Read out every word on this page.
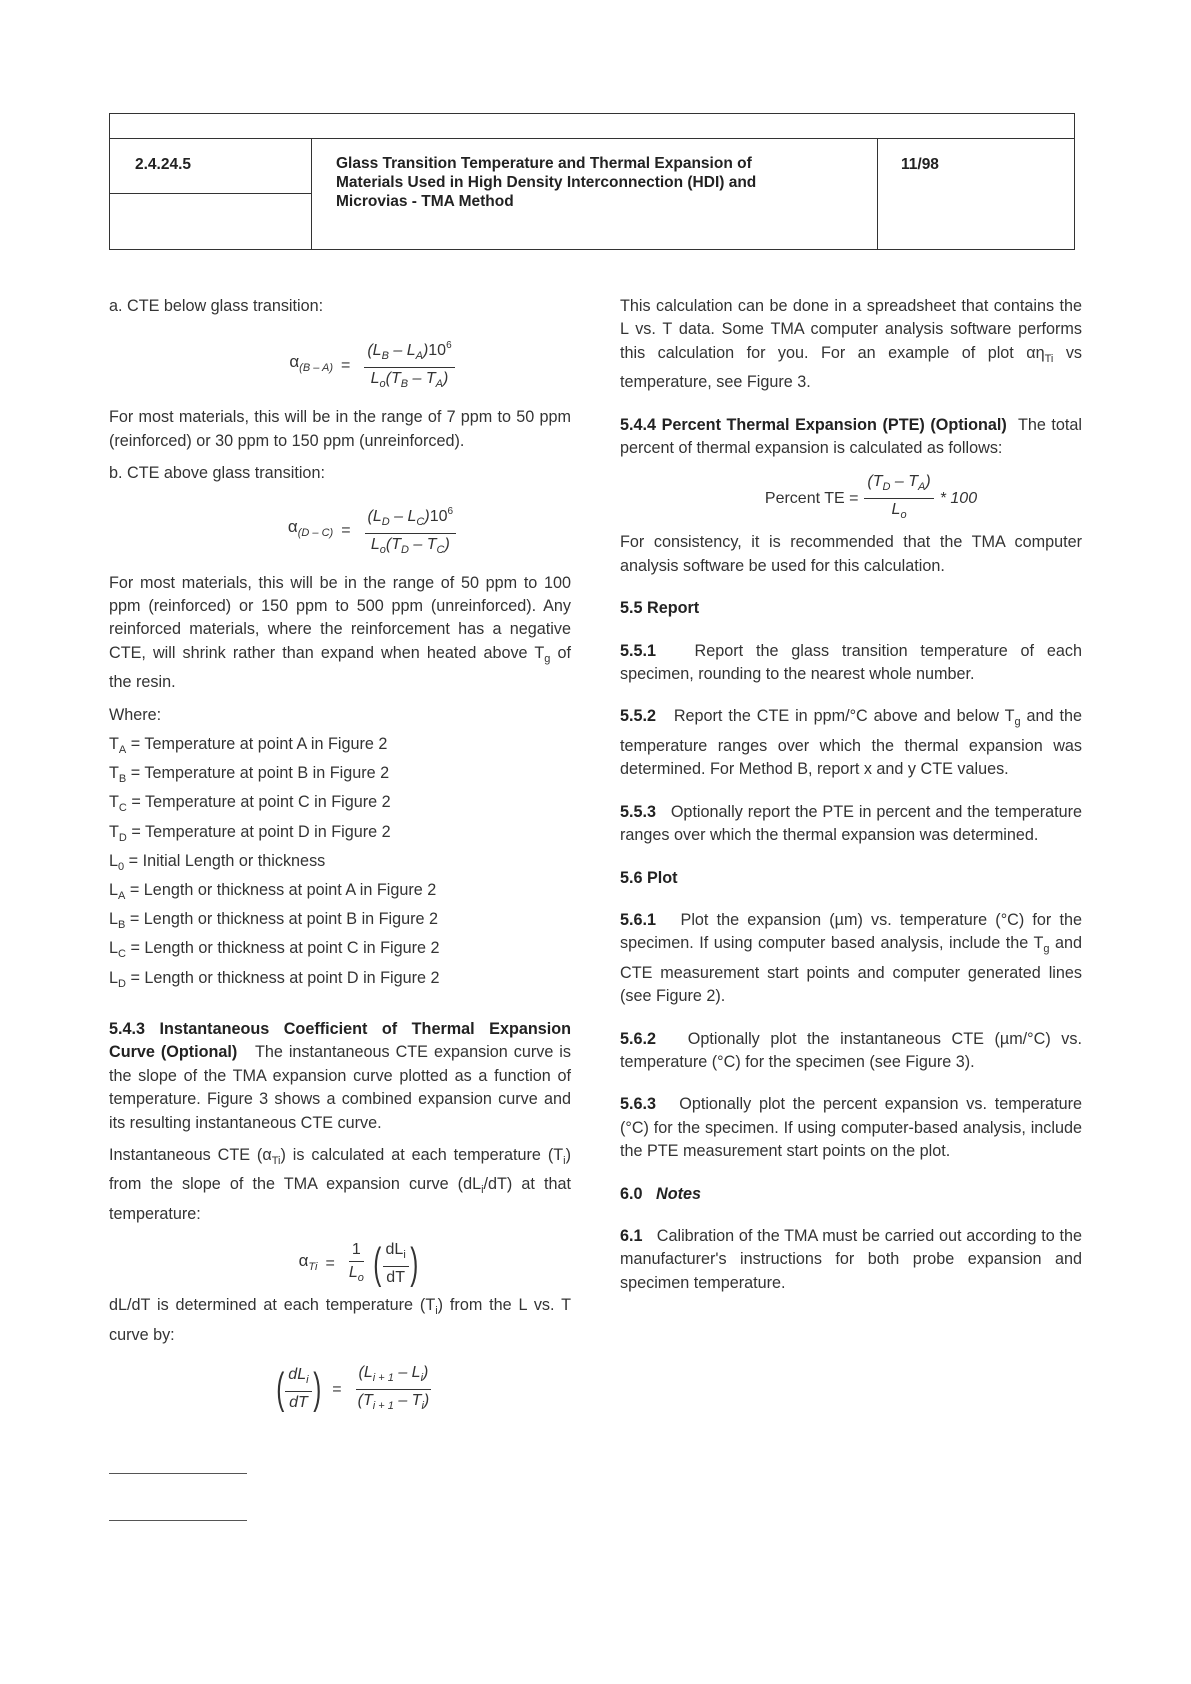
2.4.24.5	Glass Transition Temperature and Thermal Expansion of
Materials Used in High Density Interconnection (HDI) and
Microvias - TMA Method
11/98

a. CTE below glass transition:

$\alpha_{(B - A)} = \frac{(L_B - L_A)10^6}{L_o(T_B - T_A)}$

For most materials, this will be in the range of 7 ppm to 50 ppm (reinforced) or 30 ppm to 150 ppm (unreinforced).

b. CTE above glass transition:

$\alpha_{(D - C)} = \frac{(L_D - L_C)10^6}{L_o(T_D - T_C)}$

For most materials, this will be in the range of 50 ppm to 100 ppm (reinforced) or 150 ppm to 500 ppm (unreinforced). Any reinforced materials, where the reinforcement has a negative CTE, will shrink rather than expand when heated above $T_g$ of the resin.

Where:

$T_A$ = Temperature at point A in Figure 2
$T_B$ = Temperature at point B in Figure 2
$T_C$ = Temperature at point C in Figure 2
$T_D$ = Temperature at point D in Figure 2
$L_0$ = Initial Length or thickness
$L_A$ = Length or thickness at point A in Figure 2
$L_B$ = Length or thickness at point B in Figure 2
$L_C$ = Length or thickness at point C in Figure 2
$L_D$ = Length or thickness at point D in Figure 2

5.4.3 Instantaneous Coefficient of Thermal Expansion Curve (Optional) The instantaneous CTE expansion curve is the slope of the TMA expansion curve plotted as a function of temperature. Figure 3 shows a combined expansion curve and its resulting instantaneous CTE curve.

Instantaneous CTE $(\alpha_{Ti})$ is calculated at each temperature $(T_i)$ from the slope of the TMA expansion curve $(dL_i/dT)$ at that temperature:

$\alpha_{Ti} = \frac{1}{L_o}$ ( $\frac{dL_i}{dT}$ )

dL/dT is determined at each temperature $(T_i)$ from the L vs. T curve by:

( $\frac{dL_i}{dT}$ ) = $\frac{(L_{i + 1} - L_i)}{(T_{i + 1} - T_i)}$

This calculation can be done in a spreadsheet that contains the L vs. T data. Some TMA computer analysis software performs this calculation for you. For an example of plot $\alpha\eta_{Ti}$ vs temperature, see Figure 3.

5.4.4 Percent Thermal Expansion (PTE) (Optional) The total percent of thermal expansion is calculated as follows:

Percent TE = $\frac{(T_D - T_A)}{L_o} * 100$

For consistency, it is recommended that the TMA computer analysis software be used for this calculation.

5.5 Report

5.5.1 Report the glass transition temperature of each specimen, rounding to the nearest whole number.

5.5.2 Report the CTE in ppm/°C above and below $T_g$ and the temperature ranges over which the thermal expansion was determined. For Method B, report x and y CTE values.

5.5.3 Optionally report the PTE in percent and the temperature ranges over which the thermal expansion was determined.

5.6 Plot

5.6.1 Plot the expansion (µm) vs. temperature (°C) for the specimen. If using computer based analysis, include the $T_g$ and CTE measurement start points and computer generated lines (see Figure 2).

5.6.2 Optionally plot the instantaneous CTE (µm/°C) vs. temperature (°C) for the specimen (see Figure 3).

5.6.3 Optionally plot the percent expansion vs. temperature (°C) for the specimen. If using computer-based analysis, include the PTE measurement start points on the plot.

6.0 Notes

6.1 Calibration of the TMA must be carried out according to the manufacturer's instructions for both probe expansion and specimen temperature.
